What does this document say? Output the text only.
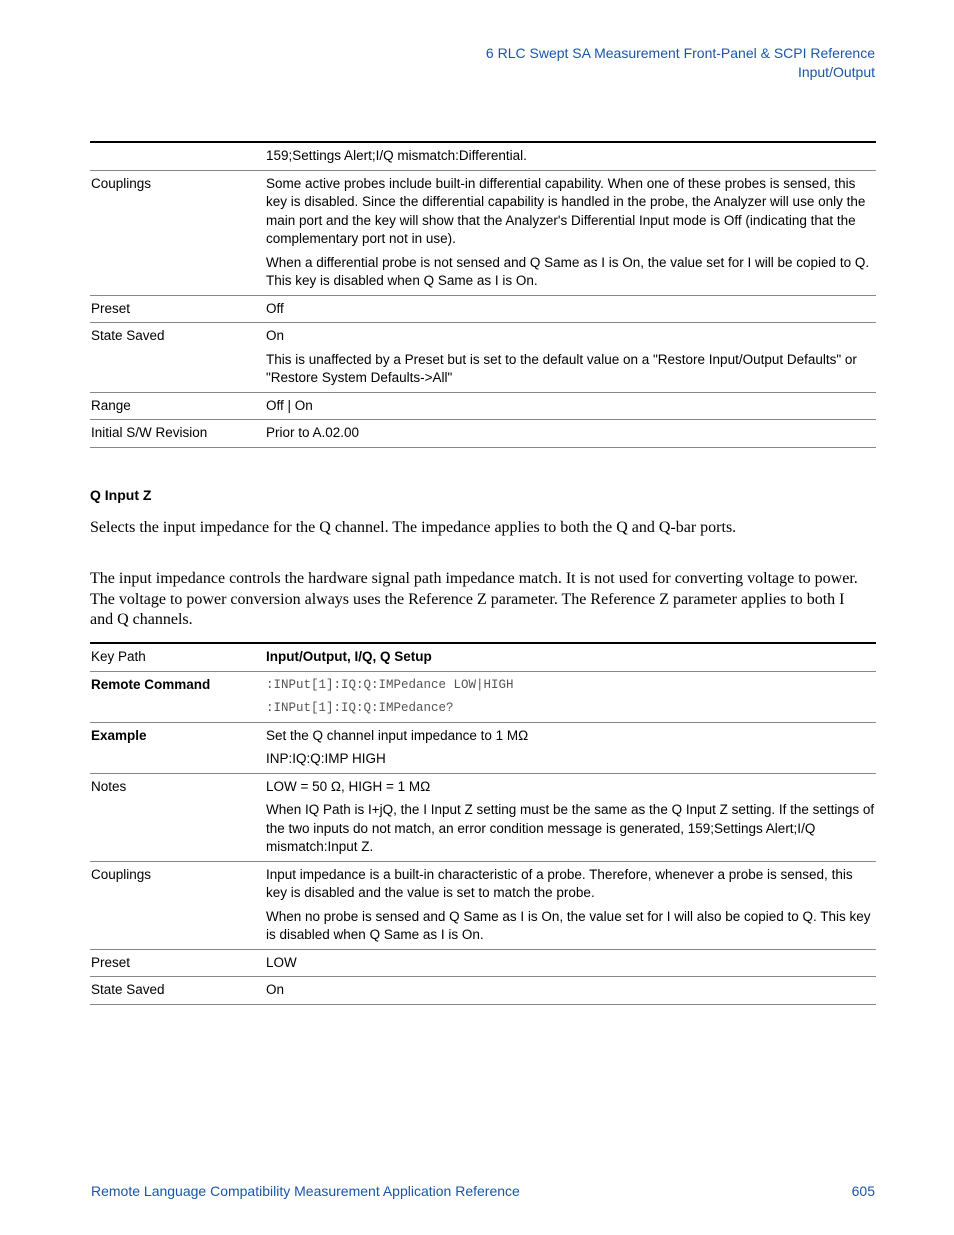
6 RLC Swept SA Measurement Front-Panel & SCPI Reference
Input/Output
	159;Settings Alert;I/Q mismatch:Differential.
Couplings	Some active probes include built-in differential capability. When one of these probes is sensed, this key is disabled. Since the differential capability is handled in the probe, the Analyzer will use only the main port and the key will show that the Analyzer's Differential Input mode is Off (indicating that the complementary port not in use).

When a differential probe is not sensed and Q Same as I is On, the value set for I will be copied to Q. This key is disabled when Q Same as I is On.

Preset	Off
State Saved	On

This is unaffected by a Preset but is set to the default value on a "Restore Input/Output Defaults" or "Restore System Defaults->All"

Range	Off | On
Initial S/W Revision	Prior to A.02.00
Q Input Z

Selects the input impedance for the Q channel. The impedance applies to both the Q and Q-bar ports.

The input impedance controls the hardware signal path impedance match. It is not used for converting voltage to power. The voltage to power conversion always uses the Reference Z parameter. The Reference Z parameter applies to both I and Q channels.

Key Path	Input/Output, I/Q, Q Setup
Remote Command	:INPut[1]:IQ:Q:IMPedance LOW|HIGH

:INPut[1]:IQ:Q:IMPedance?

Example	Set the Q channel input impedance to 1 MΩ

INP:IQ:Q:IMP HIGH

Notes	LOW = 50 Ω, HIGH = 1 MΩ

When IQ Path is I+jQ, the I Input Z setting must be the same as the Q Input Z setting. If the settings of the two inputs do not match, an error condition message is generated, 159;Settings Alert;I/Q mismatch:Input Z.

Couplings	Input impedance is a built-in characteristic of a probe. Therefore, whenever a probe is sensed, this key is disabled and the value is set to match the probe.

When no probe is sensed and Q Same as I is On, the value set for I will also be copied to Q. This key is disabled when Q Same as I is On.

Preset	LOW
State Saved	On
Remote Language Compatibility Measurement Application Reference	605
